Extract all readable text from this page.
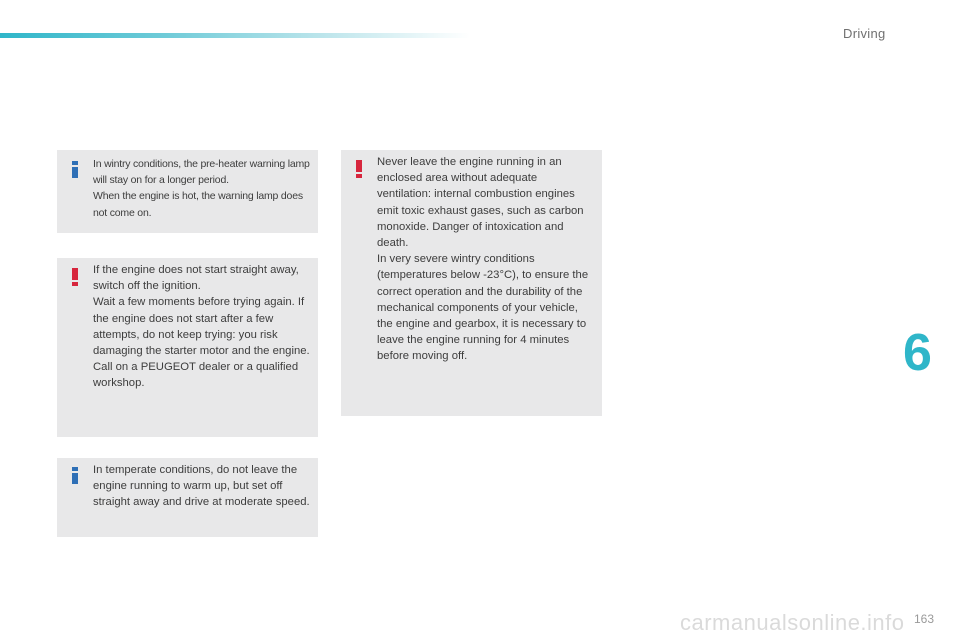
Driving
In wintry conditions, the pre-heater warning lamp will stay on for a longer period.
When the engine is hot, the warning lamp does not come on.
If the engine does not start straight away, switch off the ignition.
Wait a few moments before trying again. If the engine does not start after a few attempts, do not keep trying: you risk damaging the starter motor and the engine.
Call on a PEUGEOT dealer or a qualified workshop.
In temperate conditions, do not leave the engine running to warm up, but set off straight away and drive at moderate speed.
Never leave the engine running in an enclosed area without adequate ventilation: internal combustion engines emit toxic exhaust gases, such as carbon monoxide. Danger of intoxication and death.
In very severe wintry conditions (temperatures below -23°C), to ensure the correct operation and the durability of the mechanical components of your vehicle, the engine and gearbox, it is necessary to leave the engine running for 4 minutes before moving off.	6
carmanualsonline.info 163
